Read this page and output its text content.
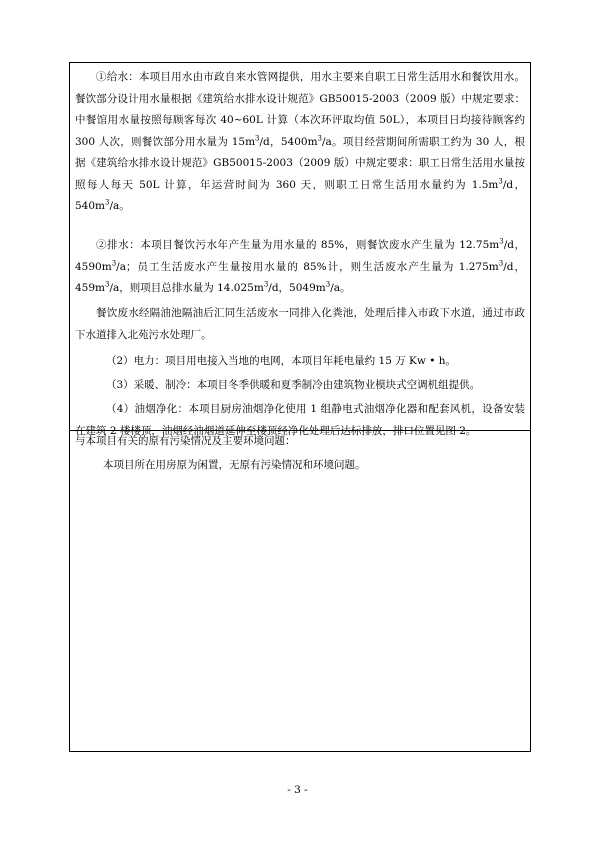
①给水：本项目用水由市政自来水管网提供，用水主要来自职工日常生活用水和餐饮用水。餐饮部分设计用水量根据《建筑给水排水设计规范》GB50015-2003（2009 版）中规定要求：中餐馆用水量按照每顾客每次 40~60L 计算（本次环评取均值 50L），本项目日均接待顾客约 300 人次，则餐饮部分用水量为 $15m^3/d$，$5400m^3/a$。项目经营期间所需职工约为 30 人，根据《建筑给水排水设计规范》GB50015-2003（2009 版）中规定要求：职工日常生活用水量按照每人每天 50L 计算，年运营时间为 360 天，则职工日常生活用水量约为 $1.5m^3/d$，$540m^3/a$。
②排水：本项目餐饮污水年产生量为用水量的 85%，则餐饮废水产生量为 $12.75m^3/d$，$4590m^3/a$；员工生活废水产生量按用水量的 85%计，则生活废水产生量为 $1.275m^3/d$，$459m^3/a$，则项目总排水量为 $14.025m^3/d$，$5049m^3/a$。
餐饮废水经隔油池隔油后汇同生活废水一同排入化粪池，处理后排入市政下水道，通过市政下水道排入北苑污水处理厂。
（2）电力：项目用电接入当地的电网，本项目年耗电量约 15 万 Kw • h。
（3）采暖、制冷：本项目冬季供暖和夏季制冷由建筑物业模块式空调机组提供。
（4）油烟净化：本项目厨房油烟净化使用 1 组静电式油烟净化器和配套风机，设备安装在建筑 2 楼楼顶，油烟经油烟道延伸至楼顶经净化处理后达标排放，排口位置见图 2。
与本项目有关的原有污染情况及主要环境问题：
本项目所在用房原为闲置，无原有污染情况和环境问题。
- 3 -
